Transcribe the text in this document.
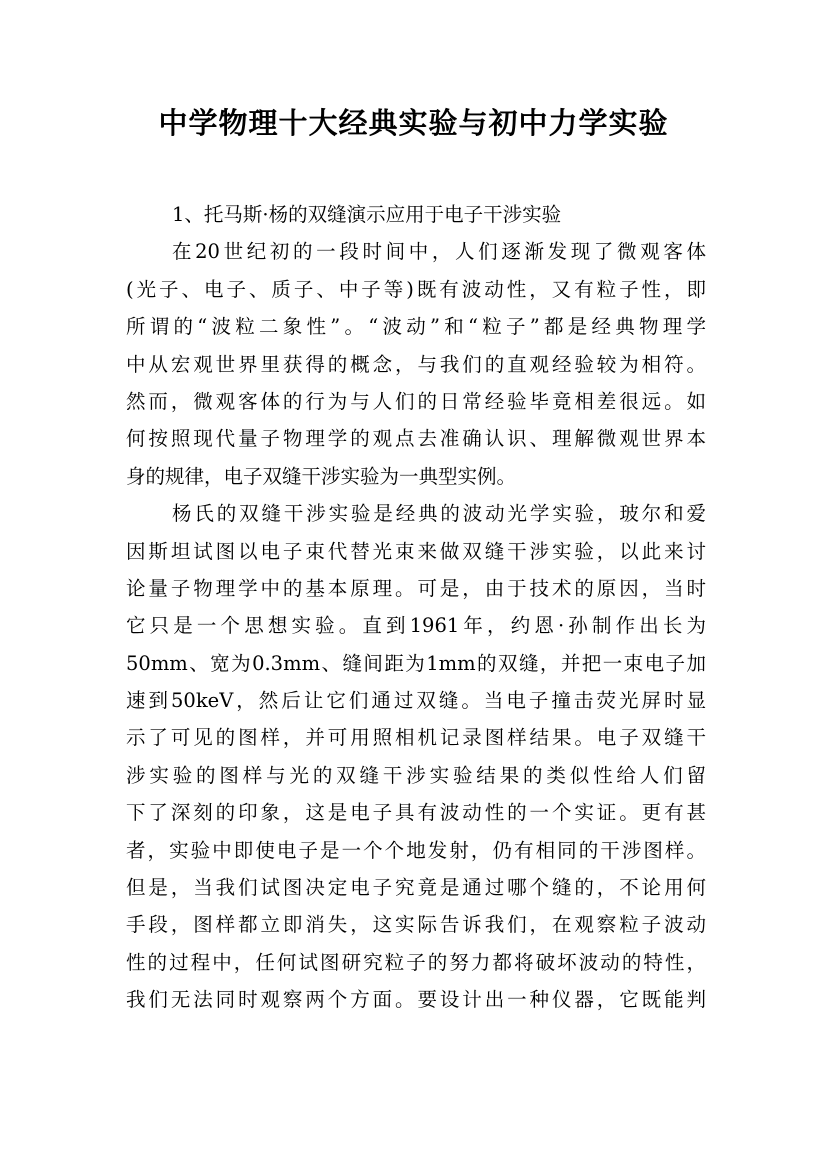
中学物理十大经典实验与初中力学实验
1、托马斯·杨的双缝演示应用于电子干涉实验
在20世纪初的一段时间中，人们逐渐发现了微观客体
(光子、电子、质子、中子等)既有波动性，又有粒子性，即
所谓的“波粒二象性”。“波动”和“粒子”都是经典物理学
中从宏观世界里获得的概念，与我们的直观经验较为相符。
然而，微观客体的行为与人们的日常经验毕竟相差很远。如
何按照现代量子物理学的观点去准确认识、理解微观世界本
身的规律，电子双缝干涉实验为一典型实例。
杨氏的双缝干涉实验是经典的波动光学实验，玻尔和爱
因斯坦试图以电子束代替光束来做双缝干涉实验，以此来讨
论量子物理学中的基本原理。可是，由于技术的原因，当时
它只是一个思想实验。直到1961年，约恩·孙制作出长为
50mm、宽为0.3mm、缝间距为1mm的双缝，并把一束电子加
速到50keV，然后让它们通过双缝。当电子撞击荧光屏时显
示了可见的图样，并可用照相机记录图样结果。电子双缝干
涉实验的图样与光的双缝干涉实验结果的类似性给人们留
下了深刻的印象，这是电子具有波动性的一个实证。更有甚
者，实验中即使电子是一个个地发射，仍有相同的干涉图样。
但是，当我们试图决定电子究竟是通过哪个缝的，不论用何
手段，图样都立即消失，这实际告诉我们，在观察粒子波动
性的过程中，任何试图研究粒子的努力都将破坏波动的特性，
我们无法同时观察两个方面。要设计出一种仪器，它既能判
